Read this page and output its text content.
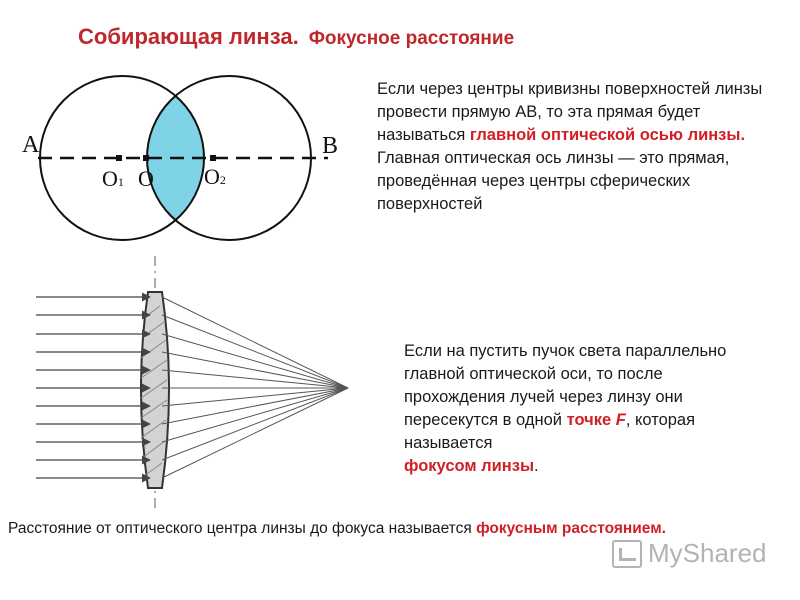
Собирающая линза. Фокусное расстояние
A	B
O1 O O2
Если через центры кривизны поверхностей линзы провести прямую AB, то эта прямая будет называться главной оптической осью линзы.
Главная оптическая ось линзы — это прямая, проведённая через центры сферических поверхностей
Если на пустить пучок света параллельно главной оптической оси, то после прохождения лучей через линзу они пересекутся в одной точке F, которая называется
фокусом линзы.
Расстояние от оптического центра линзы до фокуса называется фокусным расстоянием.
MyShared
